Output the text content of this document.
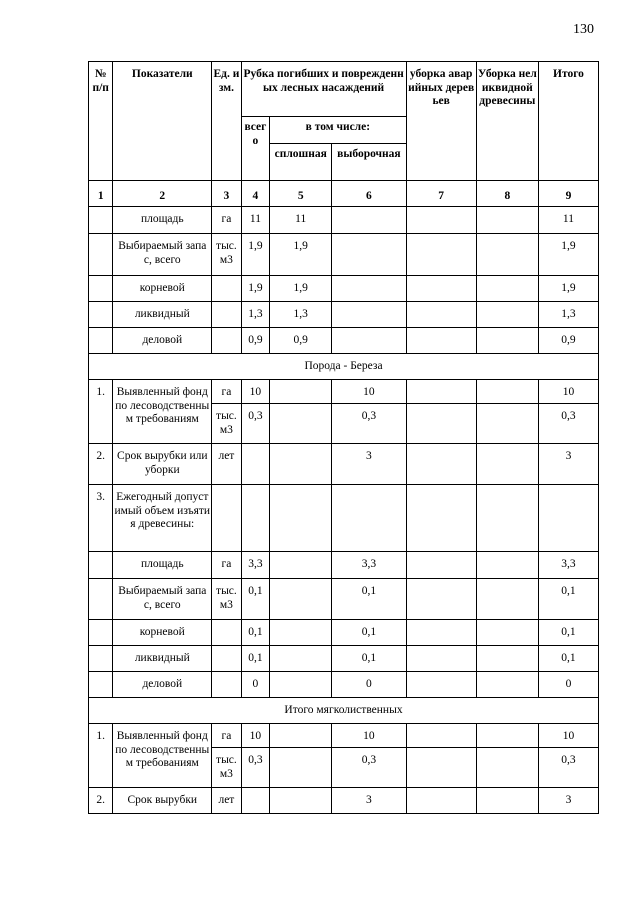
130
№ п/п	Показатели	Ед. изм.	Рубка погибших и поврежденных лесных насаждений			уборка аварийных деревьев	Уборка неликвидной древесины	Итого
			всего	в том числе:				
				сплошная	выборочная			
1	2	3	4	5	6	7	8	9
	площадь	га	11	11				11
	Выбираемый запас, всего	тыс. м3	1,9	1,9				1,9
	корневой		1,9	1,9				1,9
	ликвидный		1,3	1,3				1,3
	деловой		0,9	0,9				0,9
Порода - Береза								
1.	Выявленный фонд по лесоводственным требованиям	га	10		10			10
		тыс. м3	0,3		0,3			0,3
2.	Срок вырубки или уборки	лет			3			3
3.	Ежегодный допустимый объем изъятия древесины:							
	площадь	га	3,3		3,3			3,3
	Выбираемый запас, всего	тыс. м3	0,1		0,1			0,1
	корневой		0,1		0,1			0,1
	ликвидный		0,1		0,1			0,1
	деловой		0		0			0
Итого мягколиственных								
1.	Выявленный фонд по лесоводственным требованиям	га	10		10			10
		тыс. м3	0,3		0,3			0,3
2.	Срок вырубки	лет			3			3
